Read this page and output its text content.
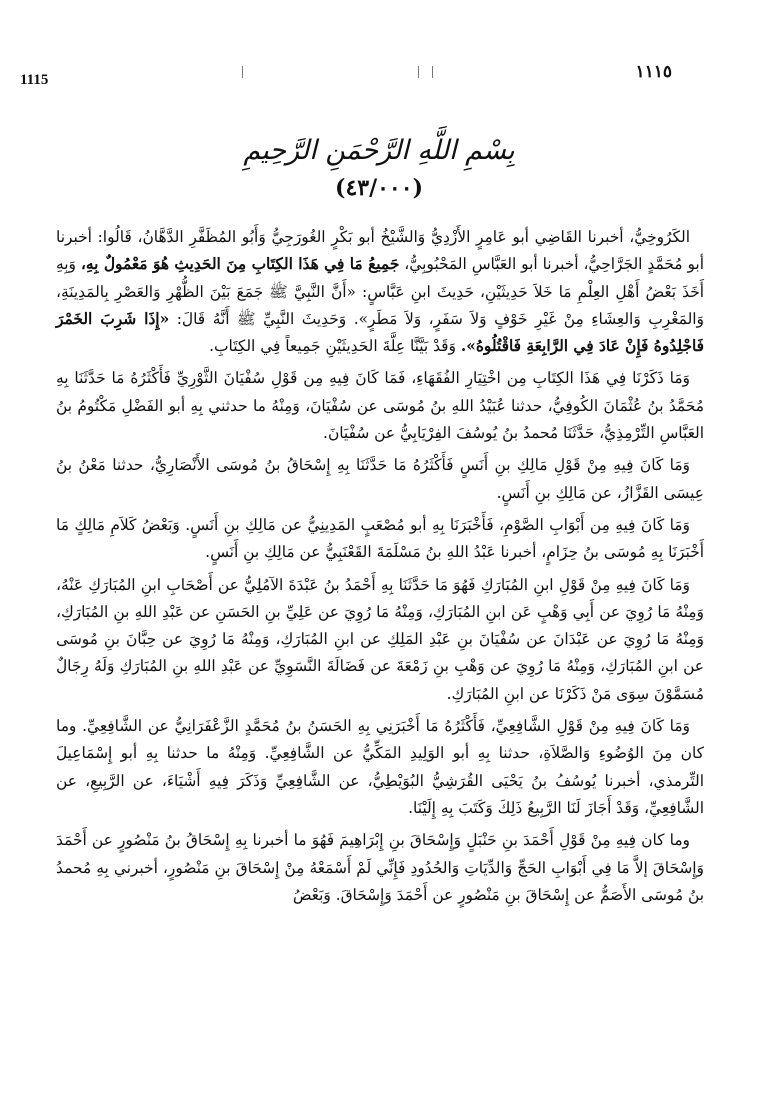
1115	١١١٥
بِسْمِ اللَّهِ الرَّحْمَنِ الرَّحِيمِ
(٤٣/٠٠٠)

الكَرُوخِيُّ، أخبرنا القَاضِي أبو عَامِرٍ الأَزْدِيُّ وَالشَّيْخُ أبو بَكْرٍ الغُورَجِيُّ وَأَبُو المُظَفَّرِ الدَّهَّانُ، قَالُوا: أخبرنا أبو مُحَمَّدٍ الجَرَّاحِيُّ، أخبرنا أبو العَبَّاسِ المَحْبُوبِيُّ، جَمِيعُ مَا فِي هَذَا الكِتَابِ مِنَ الحَدِيثِ هُوَ مَعْمُولٌ بِهِ، وَبِهِ أَخَذَ بَعْضُ أَهْلِ العِلْمِ مَا خَلاَ حَدِيثَيْنِ، حَدِيثَ ابنِ عَبَّاسٍ: «أَنَّ النَّبِيَّ ﷺ جَمَعَ بَيْنَ الظُّهْرِ وَالعَصْرِ بِالمَدِينَةِ، وَالمَغْرِبِ وَالعِشَاءِ مِنْ غَيْرِ خَوْفٍ وَلاَ سَفَرٍ، وَلاَ مَطَرٍ». وَحَدِيثَ النَّبِيِّ ﷺ أَنَّهُ قَالَ: «إِذَا شَرِبَ الخَمْرَ فَاجْلِدُوهُ فَإِنْ عَادَ فِي الرَّابِعَةِ فَاقْتُلُوهُ». وَقَدْ بَيَّنَّا عِلَّةَ الحَدِيثَيْنِ جَمِيعاً فِي الكِتَابِ.

وَمَا ذَكَرْنَا فِي هَذَا الكِتَابِ مِن اخْتِيَارِ الفُقَهَاءِ، فَمَا كَانَ فِيهِ مِن قَوْلِ سُفْيَانَ الثَّوْرِيِّ فَأَكْثَرُهُ مَا حَدَّثَنَا بِهِ مُحَمَّدُ بنُ عُثْمَانَ الكُوفِيُّ، حدثنا عُبَيْدُ اللهِ بنُ مُوسَى عن سُفْيَانَ، وَمِنْهُ ما حدثني بِهِ أبو الفَضْلِ مَكْتُومُ بنُ العَبَّاسِ التِّرْمِذِيُّ، حَدَّثَنَا مُحمدُ بنُ يُوسُفَ الفِرْيَابِيُّ عن سُفْيَانَ.

وَمَا كَانَ فِيهِ مِنْ قَوْلِ مَالِكِ بنِ أَنَسٍ فَأَكْثَرُهُ مَا حَدَّثَنَا بِهِ إِسْحَاقُ بنُ مُوسَى الأَنْصَارِيُّ، حدثنا مَعْنُ بنُ عِيسَى القَزَّازُ، عن مَالِكِ بنِ أَنَسٍ.

وَمَا كَانَ فِيهِ مِن أَبْوَابِ الصَّوْمِ، فَأَخْبَرَنَا بِهِ أبو مُصْعَبٍ المَدِينِيُّ عن مَالِكِ بنِ أَنَسٍ. وَبَعْضُ كَلاَمِ مَالِكٍ مَا أَخْبَرَنَا بِهِ مُوسَى بنُ حِزَامٍ، أخبرنا عَبْدُ اللهِ بنُ مَسْلَمَةَ القَعْنَبِيُّ عن مَالِكِ بنِ أَنَسٍ.

وَمَا كَانَ فِيهِ مِنْ قَوْلِ ابنِ المُبَارَكِ فَهُوَ مَا حَدَّثَنَا بِهِ أَحْمَدُ بنُ عَبْدَةَ الآمُلِيُّ عن أَصْحَابِ ابنِ المُبَارَكِ عَنْهُ، وَمِنْهُ مَا رُوِيَ عن أَبِي وَهْبٍ عَن ابنِ المُبَارَكِ، وَمِنْهُ مَا رُوِيَ عن عَلِيِّ بنِ الحَسَنِ عن عَبْدِ اللهِ بنِ المُبَارَكِ، وَمِنْهُ مَا رُوِيَ عن عَبْدَانَ عن سُفْيَانَ بنِ عَبْدِ المَلِكِ عن ابنِ المُبَارَكِ، وَمِنْهُ مَا رُوِيَ عن حِبَّانَ بنِ مُوسَى عن ابنِ المُبَارَكِ، وَمِنْهُ مَا رُوِيَ عن وَهْبِ بنِ زَمْعَةَ عن فَضَالَةَ النَّسَوِيِّ عن عَبْدِ اللهِ بنِ المُبَارَكِ وَلَهُ رِجَالٌ مُسَمَّوْنَ سِوَى مَنْ ذَكَرْنَا عن ابنِ المُبَارَكِ.

وَمَا كَانَ فِيهِ مِنْ قَوْلِ الشَّافِعِيِّ، فَأَكْثَرُهُ مَا أَخْبَرَنِي بِهِ الحَسَنُ بنُ مُحَمَّدٍ الزَّعْفَرَانِيُّ عن الشَّافِعِيِّ. وما كان مِنَ الوُضُوءِ وَالصَّلاَةِ، حدثنا بِهِ أبو الوَلِيدِ المَكِّيُّ عن الشَّافِعِيِّ. وَمِنْهُ ما حدثنا بِهِ أبو إِسْمَاعِيلَ التِّرمذي، أخبرنا يُوسُفُ بنُ يَحْيَى القُرَشِيُّ البُوَيْطِيُّ، عن الشَّافِعِيِّ وَذَكَرَ فِيهِ أَشْيَاءَ، عن الرَّبِيعِ، عن الشَّافِعِيِّ، وَقَدْ أَجَازَ لَنَا الرَّبِيعُ ذَلِكَ وَكَتَبَ بِهِ إِلَيْنَا.

وما كان فِيهِ مِنْ قَوْلِ أَحْمَدَ بنِ حَنْبَلٍ وَإِسْحَاقَ بنِ إِبْرَاهِيمَ فَهُوَ ما أخبرنا بِهِ إِسْحَاقُ بنُ مَنْصُورٍ عن أَحْمَدَ وَإِسْحَاقَ إلاَّ مَا فِي أَبْوَابِ الحَجِّ وَالدِّيَاتِ وَالحُدُودِ فَإِنِّي لَمْ أَسْمَعْهُ مِنْ إِسْحَاقَ بنِ مَنْصُورٍ، أخبرني بِهِ مُحمدُ بنُ مُوسَى الأَصَمُّ عن إِسْحَاقَ بنِ مَنْصُورٍ عن أَحْمَدَ وَإِسْحَاقَ. وَبَعْضُ
